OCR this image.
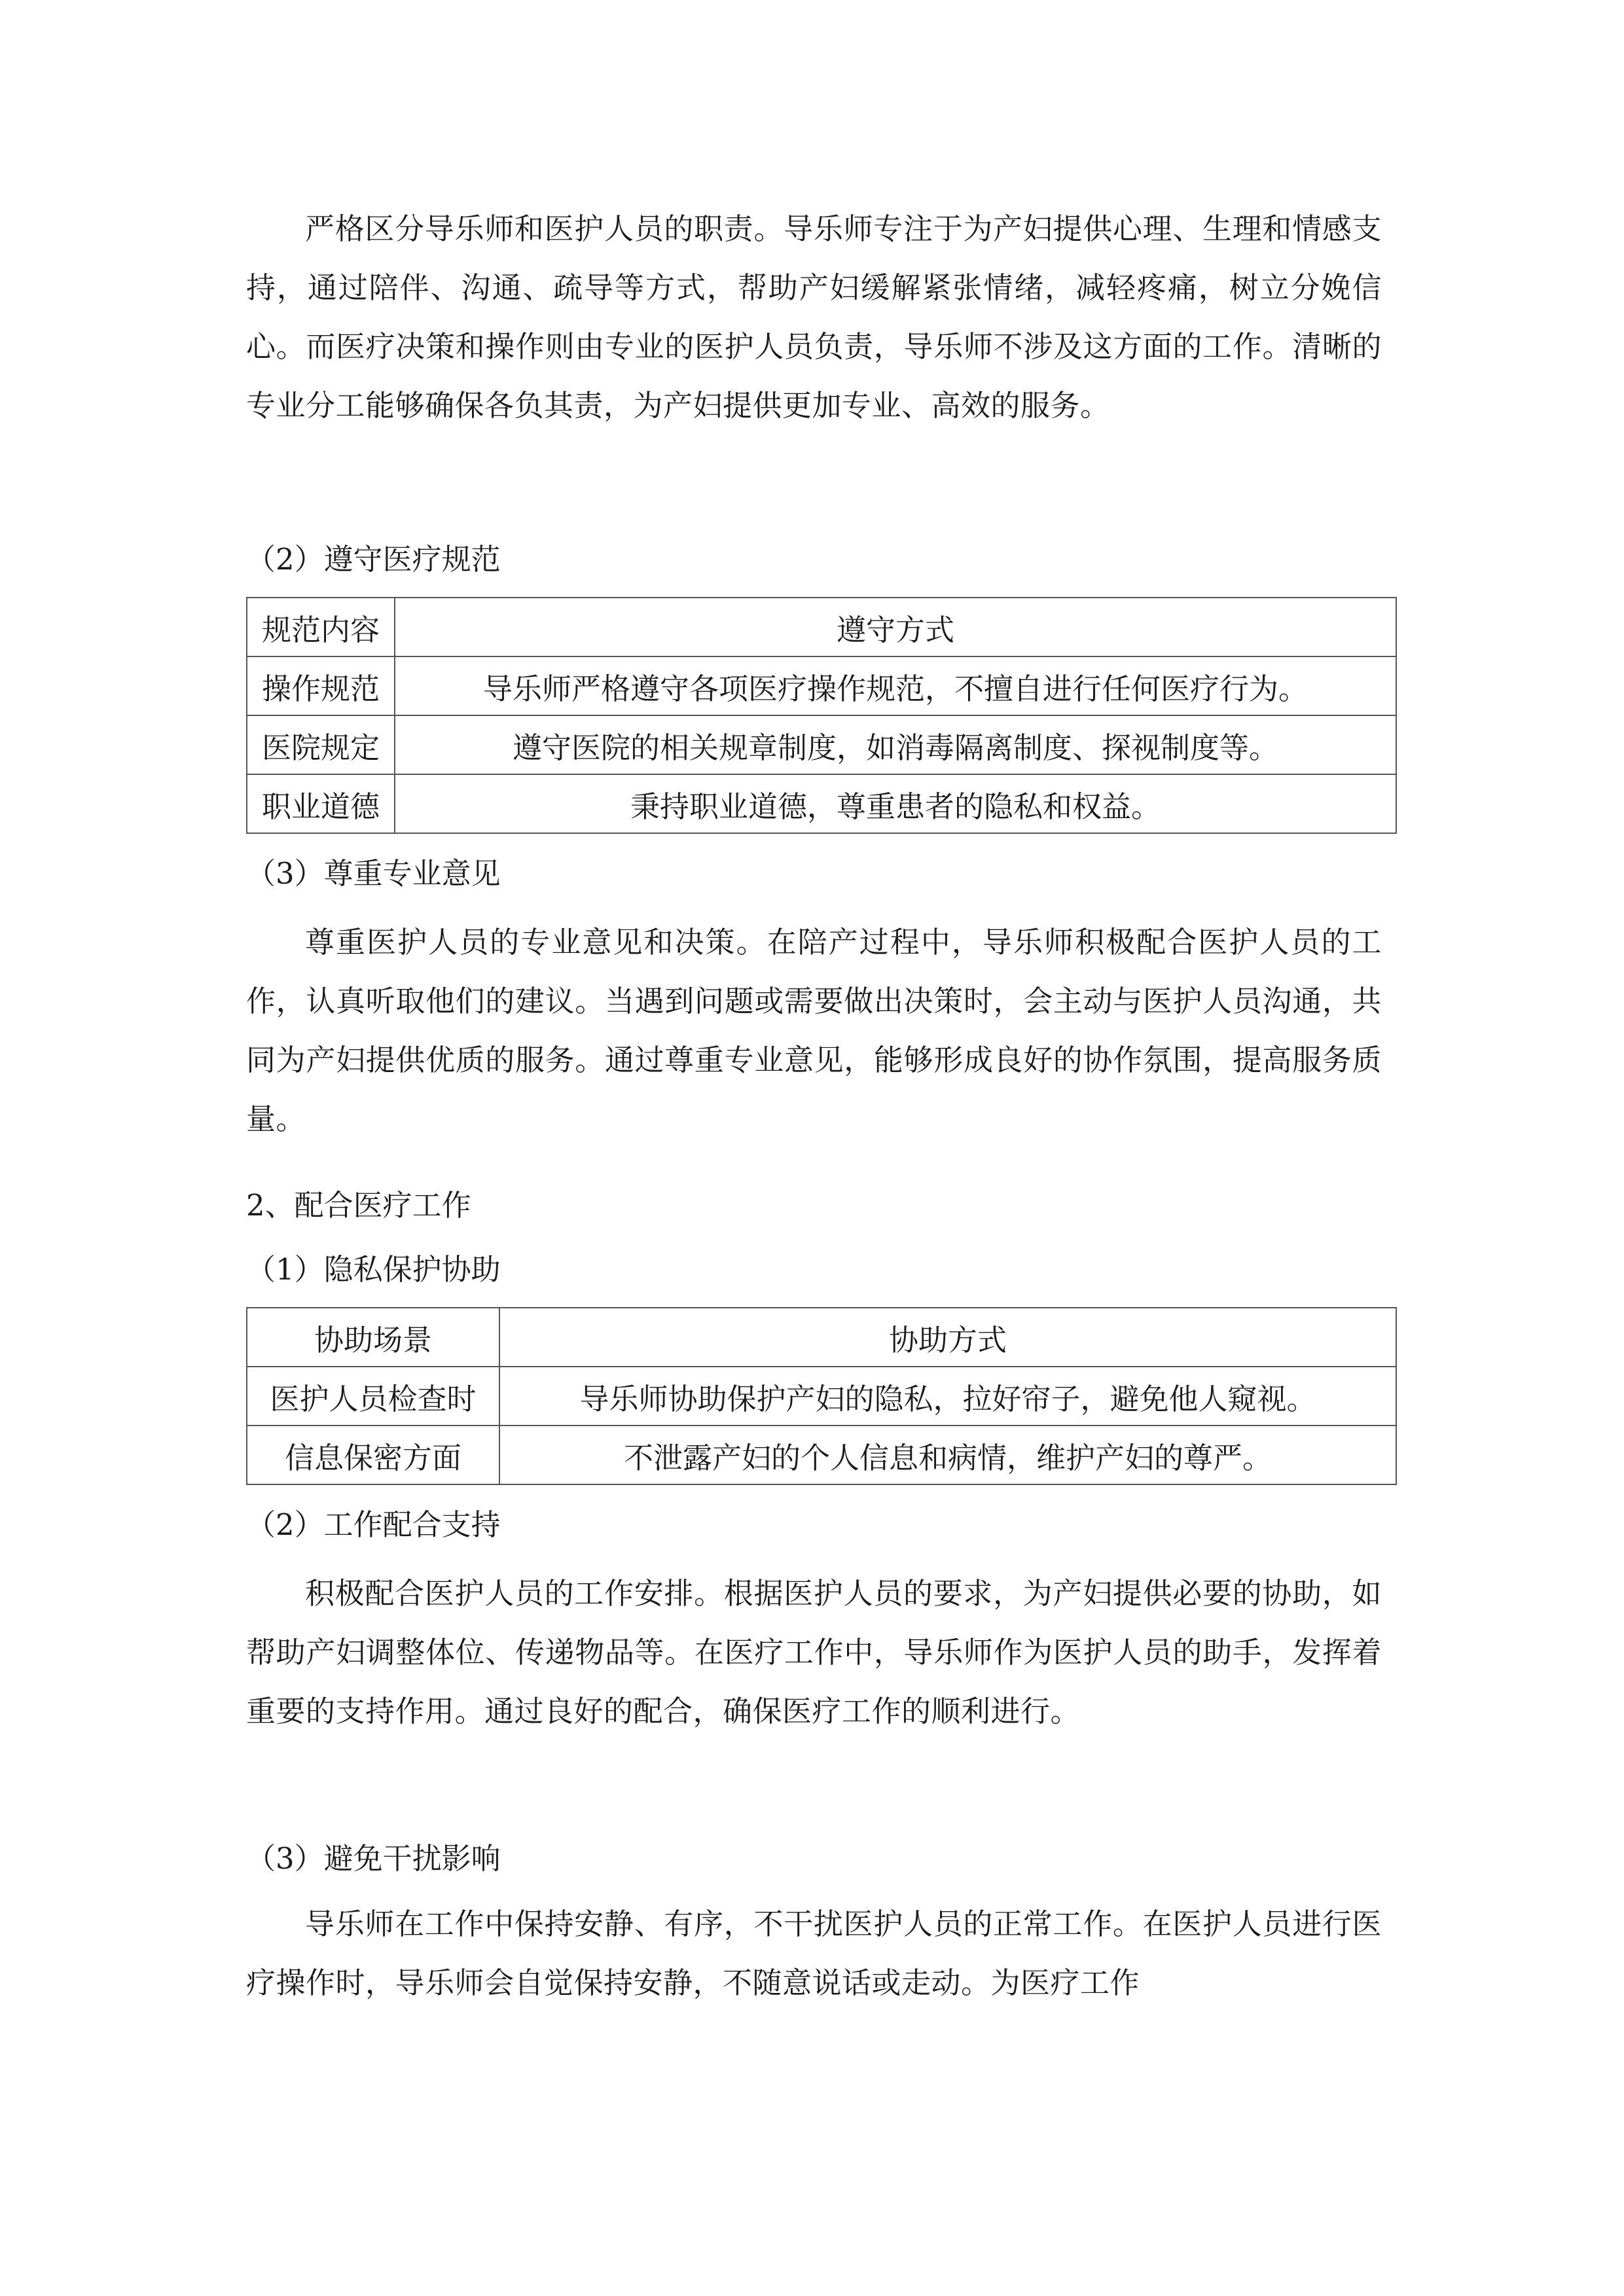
严格区分导乐师和医护人员的职责。导乐师专注于为产妇提供心理、生理和情感支持，通过陪伴、沟通、疏导等方式，帮助产妇缓解紧张情绪，减轻疼痛，树立分娩信心。而医疗决策和操作则由专业的医护人员负责，导乐师不涉及这方面的工作。清晰的专业分工能够确保各负其责，为产妇提供更加专业、高效的服务。

（2）遵守医疗规范

规范内容	遵守方式
操作规范	导乐师严格遵守各项医疗操作规范，不擅自进行任何医疗行为。
医院规定	遵守医院的相关规章制度，如消毒隔离制度、探视制度等。
职业道德	秉持职业道德，尊重患者的隐私和权益。

（3）尊重专业意见

尊重医护人员的专业意见和决策。在陪产过程中，导乐师积极配合医护人员的工作，认真听取他们的建议。当遇到问题或需要做出决策时，会主动与医护人员沟通，共同为产妇提供优质的服务。通过尊重专业意见，能够形成良好的协作氛围，提高服务质量。

2、配合医疗工作

（1）隐私保护协助

协助场景	协助方式
医护人员检查时	导乐师协助保护产妇的隐私，拉好帘子，避免他人窥视。
信息保密方面	不泄露产妇的个人信息和病情，维护产妇的尊严。

（2）工作配合支持

积极配合医护人员的工作安排。根据医护人员的要求，为产妇提供必要的协助，如帮助产妇调整体位、传递物品等。在医疗工作中，导乐师作为医护人员的助手，发挥着重要的支持作用。通过良好的配合，确保医疗工作的顺利进行。

（3）避免干扰影响

导乐师在工作中保持安静、有序，不干扰医护人员的正常工作。在医护人员进行医疗操作时，导乐师会自觉保持安静，不随意说话或走动。为医疗工作
